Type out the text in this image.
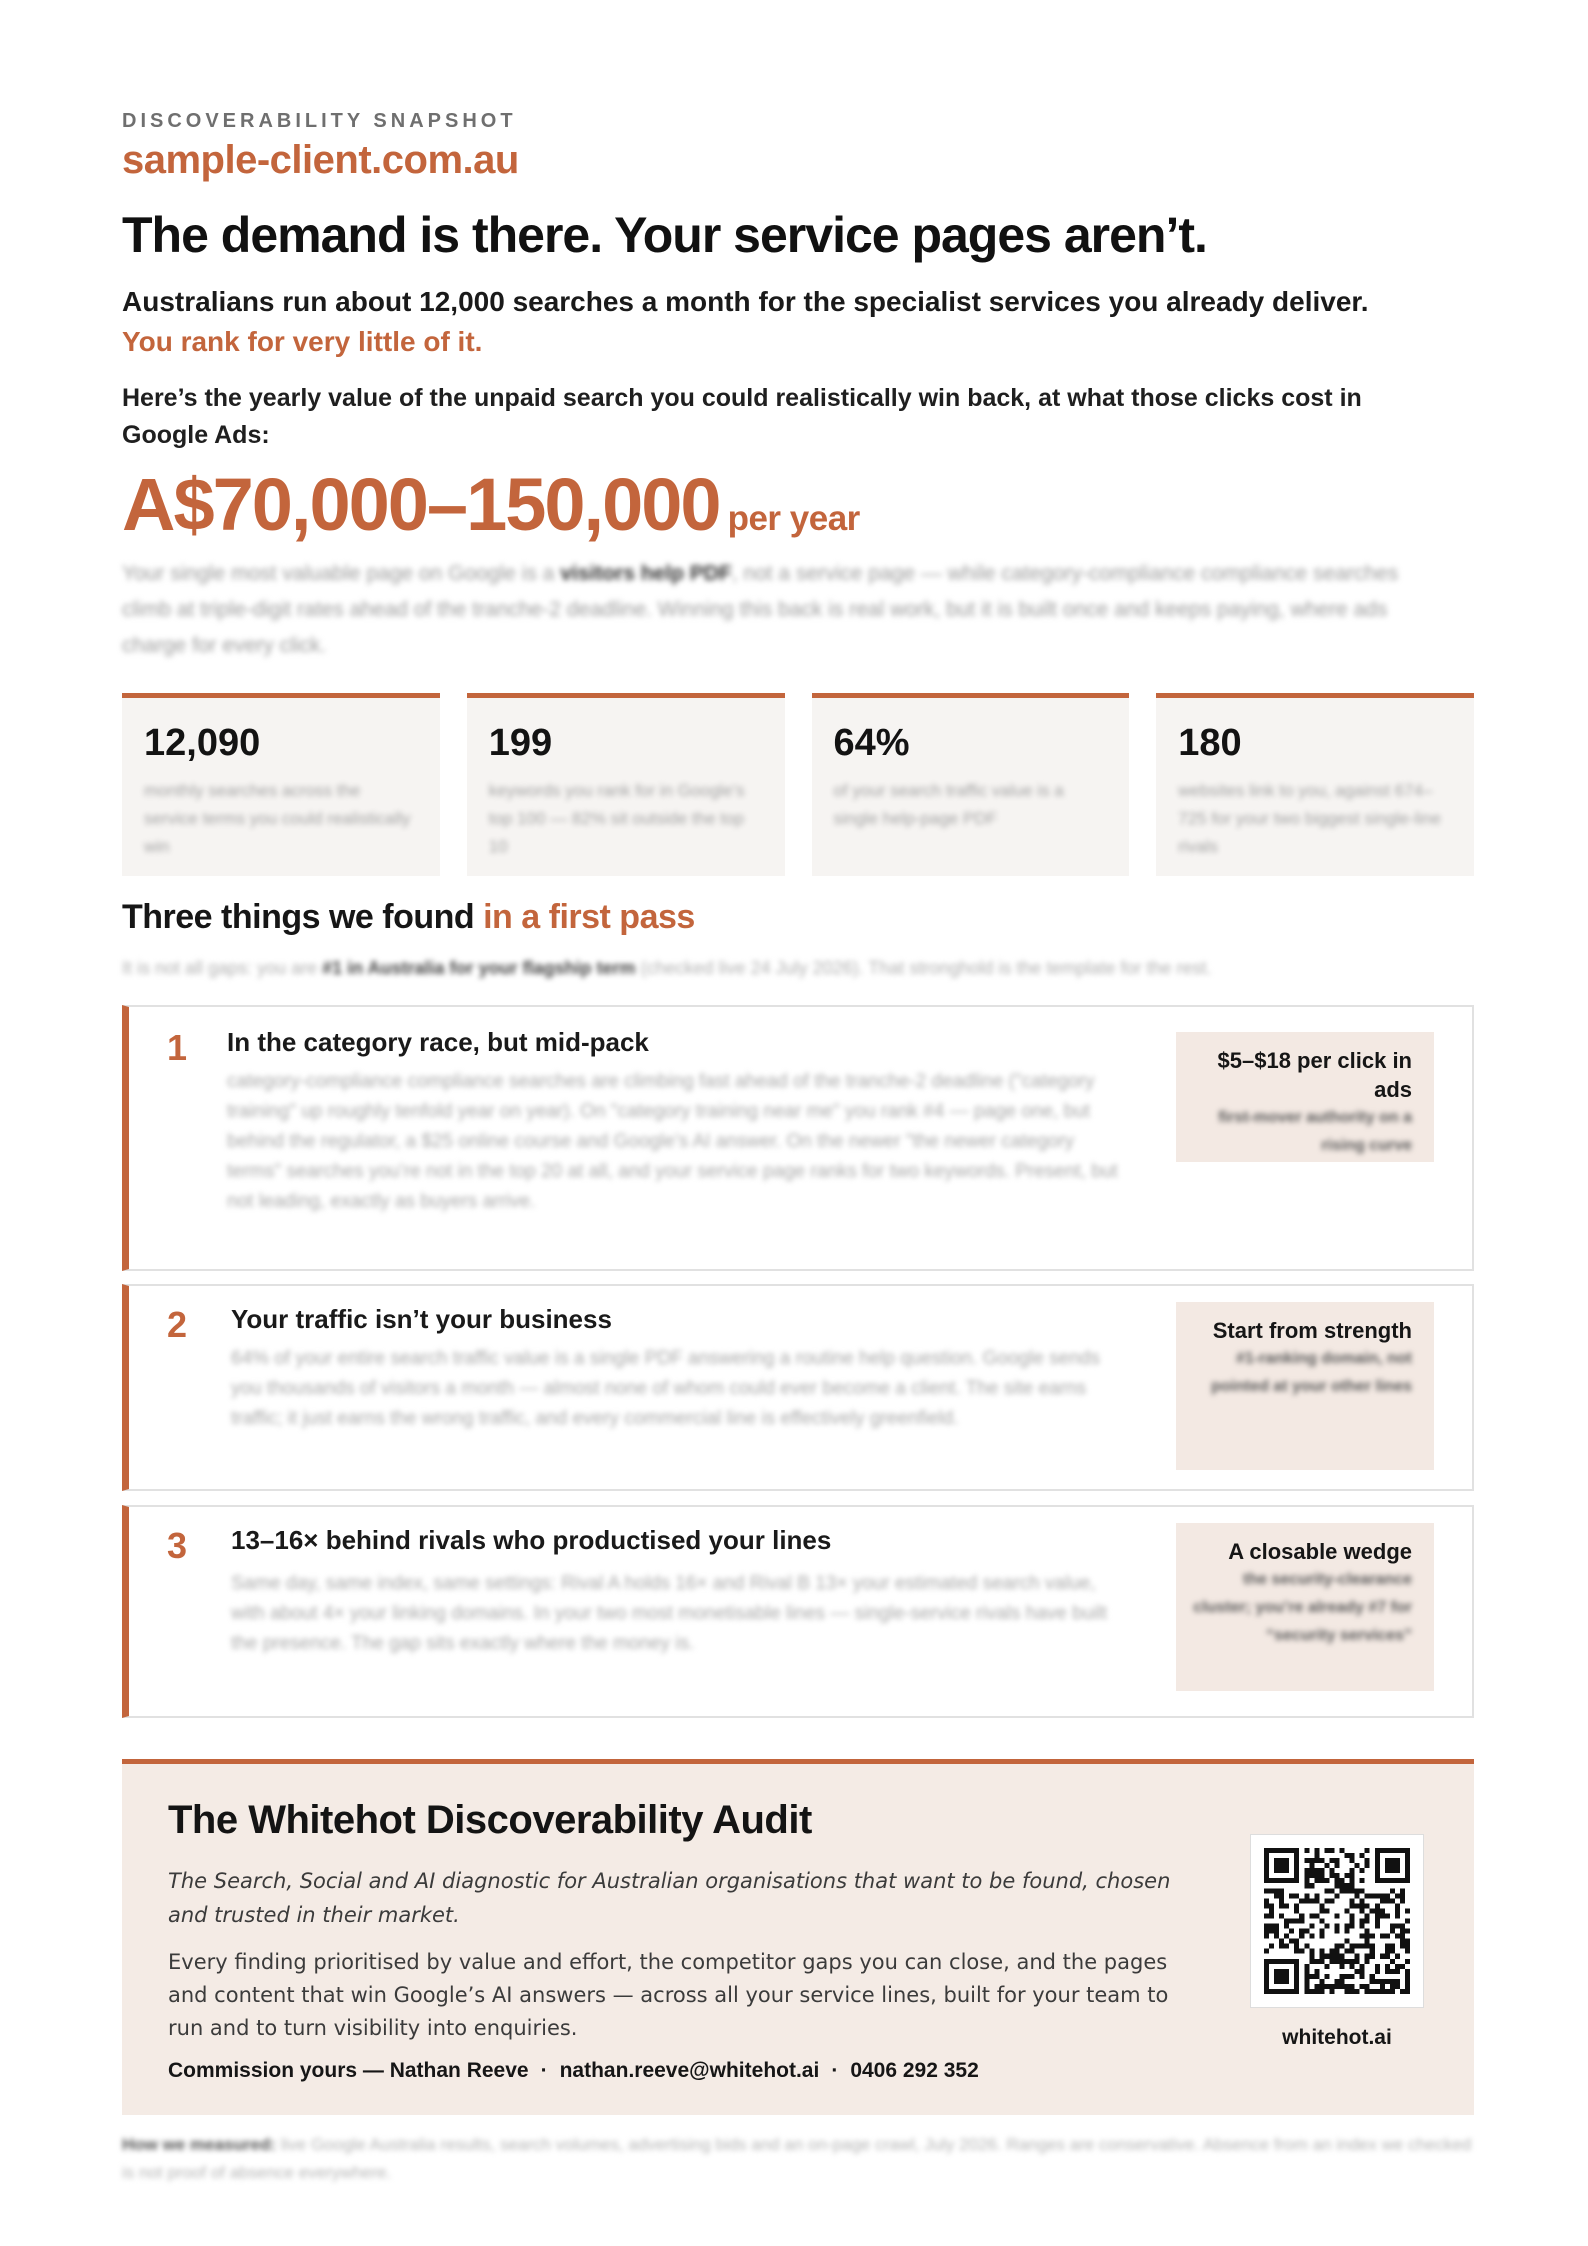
DISCOVERABILITY SNAPSHOT
sample-client.com.au
The demand is there. Your service pages aren’t.

Australians run about 12,000 searches a month for the specialist services you already deliver. You rank for very little of it.

Here’s the yearly value of the unpaid search you could realistically win back, at what those clicks cost in Google Ads:

A$70,000–150,000 per year

Your single most valuable page on Google is a visitors help PDF, not a service page — while category-compliance compliance searches climb at triple-digit rates ahead of the tranche-2 deadline. Winning this back is real work, but it is built once and keeps paying, where ads charge for every click.

12,090
monthly searches across the service terms you could realistically win
199
keywords you rank for in Google’s top 100 — 82% sit outside the top 10
64%
of your search traffic value is a single help-page PDF
180
websites link to you, against 674–725 for your two biggest single-line rivals
Three things we found in a first pass

It is not all gaps: you are #1 in Australia for your flagship term (checked live 24 July 2026). That stronghold is the template for the rest.

1 In the category race, but mid-pack
category-compliance compliance searches are climbing fast ahead of the tranche-2 deadline ("category training" up roughly tenfold year on year). On "category training near me" you rank #4 — page one, but behind the regulator, a $25 online course and Google’s AI answer. On the newer "the newer category terms" searches you’re not in the top 20 at all, and your service page ranks for two keywords. Present, but not leading, exactly as buyers arrive.
$5–$18 per click in ads
first-mover authority on a rising curve
2 Your traffic isn’t your business
64% of your entire search traffic value is a single PDF answering a routine help question. Google sends you thousands of visitors a month — almost none of whom could ever become a client. The site earns traffic; it just earns the wrong traffic, and every commercial line is effectively greenfield.
Start from strength
#1-ranking domain, not pointed at your other lines
3 13–16× behind rivals who productised your lines
Same day, same index, same settings: Rival A holds 16× and Rival B 13× your estimated search value, with about 4× your linking domains. In your two most monetisable lines — single-service rivals have built the presence. The gap sits exactly where the money is.
A closable wedge
the security-clearance cluster; you’re already #7 for “security services”
The Whitehot Discoverability Audit

The Search, Social and AI diagnostic for Australian organisations that want to be found, chosen and trusted in their market.

Every finding prioritised by value and effort, the competitor gaps you can close, and the pages and content that win Google’s AI answers — across all your service lines, built for your team to run and to turn visibility into enquiries.

Commission yours — Nathan Reeve · nathan.reeve@whitehot.ai · 0406 292 352
whitehot.ai

How we measured: live Google Australia results, search volumes, advertising bids and an on-page crawl, July 2026. Ranges are conservative. Absence from an index we checked is not proof of absence everywhere.
